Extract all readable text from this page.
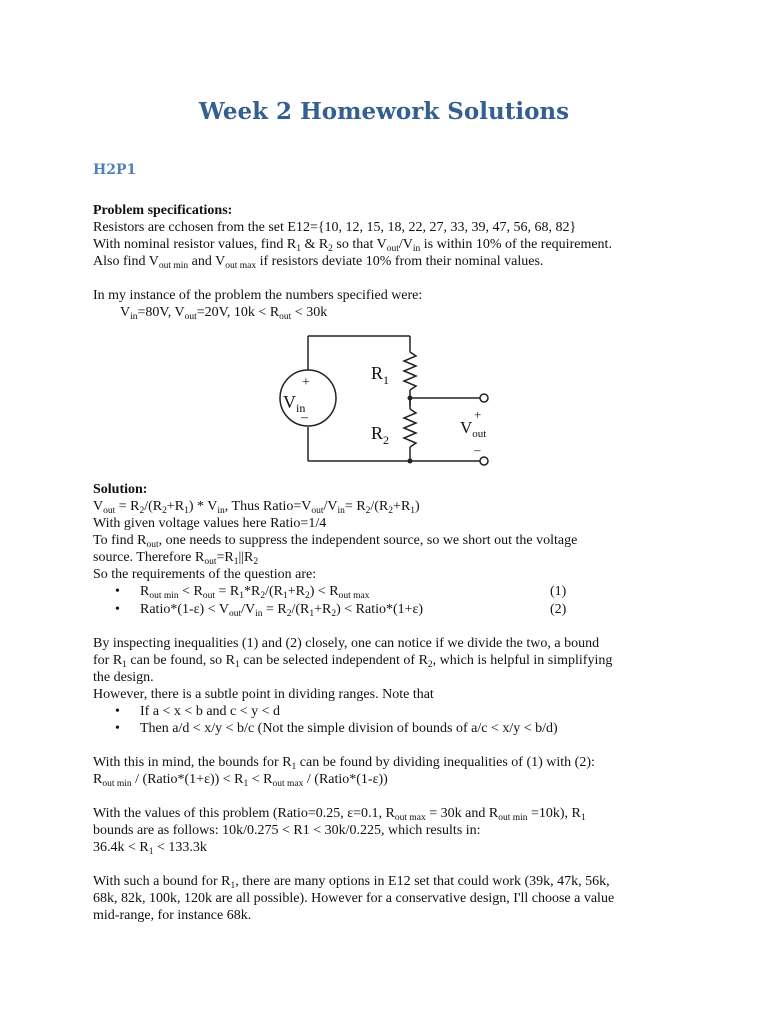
Week 2 Homework Solutions
H2P1
Problem specifications:
Resistors are cchosen from the set E12={10, 12, 15, 18, 22, 27, 33, 39, 47, 56, 68, 82}
With nominal resistor values, find $R_1$ & $R_2$ so that $V_{out}/V_{in}$ is within 10% of the requirement.
Also find $V_{out min}$ and $V_{out max}$ if resistors deviate 10% from their nominal values.
In my instance of the problem the numbers specified were:
$V_{in}=80V$, $V_{out}=20V$, $10k < R_{out} < 30k$
+
–
$V_{in}$
$R_1$
$R_2$
+
$V_{out}$
–
Solution:
$V_{out} = R_2/(R_2+R_1) * V_{in}$, Thus $Ratio=V_{out}/V_{in}= R_2/(R_2+R_1)$
With given voltage values here Ratio=1/4
To find $R_{out}$, one needs to suppress the independent source, so we short out the voltage
source. Therefore $R_{out}=R_1||R_2$
So the requirements of the question are:
• $R_{out min} < R_{out} = R_1*R_2/(R_1+R_2) < R_{out max}$	(1)
• Ratio*(1-ε) < $V_{out}/V_{in} = R_2/(R_1+R_2)$ < Ratio*(1+ε)	(2)
By inspecting inequalities (1) and (2) closely, one can notice if we divide the two, a bound
for $R_1$ can be found, so $R_1$ can be selected independent of $R_2$, which is helpful in simplifying
the design.
However, there is a subtle point in dividing ranges. Note that
• If a < x < b and c < y < d
• Then a/d < x/y < b/c (Not the simple division of bounds of a/c < x/y < b/d)
With this in mind, the bounds for $R_1$ can be found by dividing inequalities of (1) with (2):
$R_{out min}$ / (Ratio*(1+ε)) < $R_1 < R_{out max}$ / (Ratio*(1-ε))
With the values of this problem (Ratio=0.25, ε=0.1, $R_{out max} = 30k$ and $R_{out min} =10k$), $R_1$
bounds are as follows: 10k/0.275 < R1 < 30k/0.225, which results in:
$36.4k < R_1 < 133.3k$
With such a bound for $R_1$, there are many options in E12 set that could work (39k, 47k, 56k,
68k, 82k, 100k, 120k are all possible). However for a conservative design, I'll choose a value
mid-range, for instance 68k.
